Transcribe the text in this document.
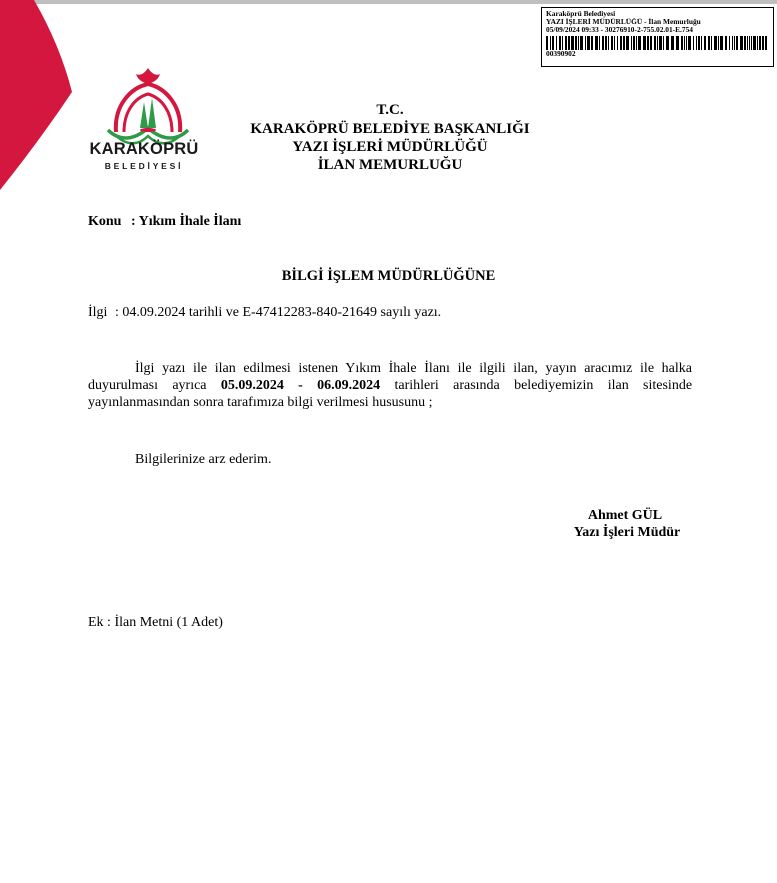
Karaköprü Belediyesi
YAZI İŞLERİ MÜDÜRLÜĞÜ - İlan Memurluğu
05/09/2024 09:33 - 30276910-2-755.02.01-E.754
00390902
KARAKÖPRÜ
BELEDİYESİ
T.C.
KARAKÖPRÜ BELEDİYE BAŞKANLIĞI
YAZI İŞLERİ MÜDÜRLÜĞÜ
İLAN MEMURLUĞU
Konu : Yıkım İhale İlanı
BİLGİ İŞLEM MÜDÜRLÜĞÜNE
İlgi : 04.09.2024 tarihli ve E-47412283-840-21649 sayılı yazı.
İlgi yazı ile ilan edilmesi istenen Yıkım İhale İlanı ile ilgili ilan, yayın aracımız ile halka duyurulması ayrıca 05.09.2024 - 06.09.2024 tarihleri arasında belediyemizin ilan sitesinde yayınlanmasından sonra tarafımıza bilgi verilmesi hususunu ;
Bilgilerinize arz ederim.
Ahmet GÜL
Yazı İşleri Müdür
Ek : İlan Metni (1 Adet)
